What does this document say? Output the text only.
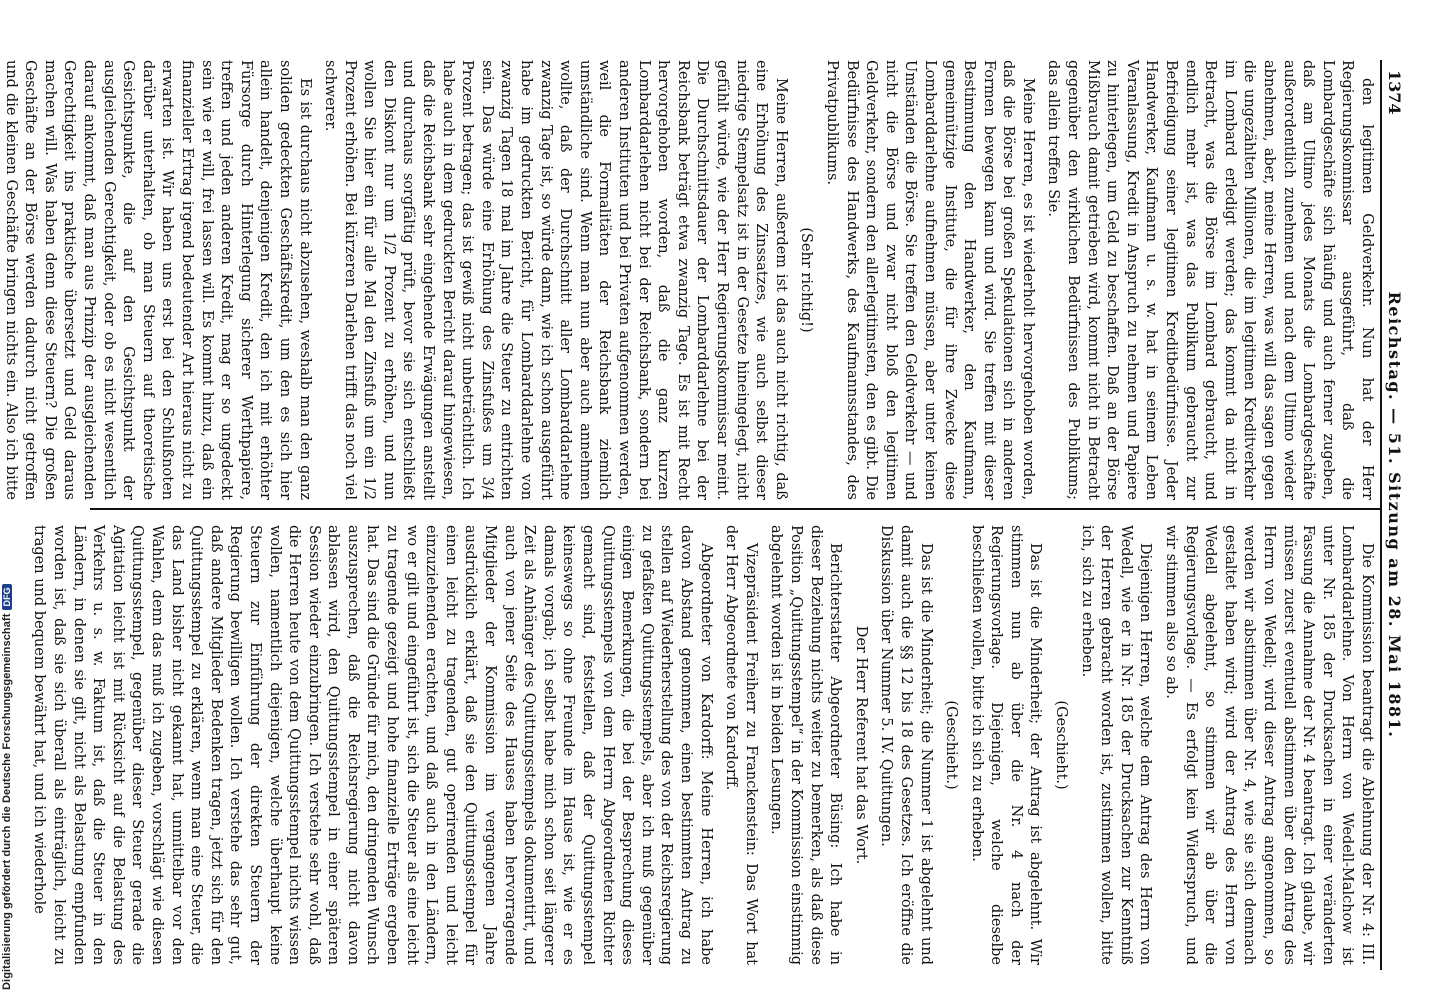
Digitalisierung gefördert durch die Deutsche ForschungsgemeinschaftDFG
1374
Reichstag. — 51. Sitzung am 28. Mai 1881.

den legitimen Geldverkehr. Nun hat der Herr Regierungskommissar ausgeführt, daß die Lombardgeschäfte sich häufig und auch ferner zugeben, daß am Ultimo jedes Monats die Lombardgeschäfte außerordentlich zunehmen und nach dem Ultimo wieder abnehmen, aber, meine Herren, was will das sagen gegen die ungezählten Millionen, die im legitimen Kreditverkehr im Lombard erledigt werden; das kommt da nicht in Betracht, was die Börse im Lombard gebraucht, und endlich mehr ist, was das Publikum gebraucht zur Befriedigung seiner legitimen Kreditbedürfnisse. Jeder Handwerker, Kaufmann u. s. w. hat in seinem Leben Veranlassung, Kredit in Anspruch zu nehmen und Papiere zu hinterlegen, um Geld zu beschaffen. Daß an der Börse Mißbrauch damit getrieben wird, kommt nicht in Betracht gegenüber den wirklichen Bedürfnissen des Publikums; das allein treffen Sie.

Meine Herren, es ist wiederholt hervorgehoben worden, daß die Börse bei großen Spekulationen sich in anderen Formen bewegen kann und wird. Sie treffen mit dieser Bestimmung den Handwerker, den Kaufmann, gemeinnützige Institute, die für ihre Zwecke diese Lombarddarlehne aufnehmen müssen, aber unter keinen Umständen die Börse. Sie treffen den Geldverkehr — und nicht die Börse und zwar nicht bloß den legitimen Geldverkehr, sondern den allerlegitimsten, den es gibt. Die Bedürfnisse des Handwerks, des Kaufmannsstandes, des Privatpublikums.

(Sehr richtig!)

Meine Herren, außerdem ist das auch nicht richtig, daß eine Erhöhung des Zinssatzes, wie auch selbst dieser niedrige Stempelsatz ist in der Gesetze hineingelegt, nicht gefühlt würde, wie der Herr Regierungskommissar meint. Die Durchschnittsdauer der Lombarddarlehne bei der Reichsbank beträgt etwa zwanzig Tage. Es ist mit Recht hervorgehoben worden, daß die ganz kurzen Lombarddarlehen nicht bei der Reichsbank, sondern bei anderen Instituten und bei Privaten aufgenommen werden, weil die Formalitäten der Reichsbank ziemlich umständliche sind. Wenn man nun aber auch annehmen wollte, daß der Durchschnitt aller Lombarddarlehne zwanzig Tage ist, so würde dann, wie ich schon ausgeführt habe im gedruckten Bericht, für Lombarddarlehne von zwanzig Tagen 18 mal im Jahre die Steuer zu entrichten sein. Das würde eine Erhöhung des Zinsfußes um 3/4 Prozent betragen; das ist gewiß nicht unbeträchtlich. Ich habe auch in dem gedruckten Bericht darauf hingewiesen, daß die Reichsbank sehr eingehende Erwägungen anstellt und durchaus sorgfältig prüft, bevor sie sich entschließt den Diskont nur um 1/2 Prozent zu erhöhen, und nun wollen Sie hier ein für alle Mal den Zinsfuß um ein 1/2 Prozent erhöhen. Bei kürzeren Darlehen trifft das noch viel schwerer.

Es ist durchaus nicht abzusehen, weshalb man den ganz soliden gedeckten Geschäftskredit, um den es sich hier allein handelt, denjenigen Kredit, den ich mit erhöhter Fürsorge durch Hinterlegung sicherer Werthpapiere, treffen und jeden anderen Kredit, mag er so ungedeckt sein wie er will, frei lassen will. Es kommt hinzu, daß ein finanzieller Ertrag irgend bedeutender Art hieraus nicht zu erwarten ist. Wir haben uns erst bei den Schlußnoten darüber unterhalten, ob man Steuern auf theoretische Gesichtspunkte, die auf den Gesichtspunkt der ausgleichenden Gerechtigkeit, oder ob es nicht wesentlich darauf ankommt, daß man aus Prinzip der ausgleichenden Gerechtigkeit ins praktische übersetzt und Geld daraus machen will. Was haben denn diese Steuern? Die großen Geschäfte an der Börse werden dadurch nicht getroffen und die kleinen Geschäfte bringen nichts ein. Also ich bitte

Die Kommission beantragt die Ablehnung der Nr. 4: III. Lombarddarlehne. Von Herrn von Wedell-Malchow ist unter Nr. 185 der Drucksachen in einer veränderten Fassung die Annahme der Nr. 4 beantragt. Ich glaube, wir müssen zuerst eventuell abstimmen über den Antrag des Herrn von Wedell; wird dieser Antrag angenommen, so werden wir abstimmen über Nr. 4, wie sie sich demnach gestaltet haben wird; wird der Antrag des Herrn von Wedell abgelehnt, so stimmen wir ab über die Regierungsvorlage. — Es erfolgt kein Widerspruch, und wir stimmen also so ab.

Diejenigen Herren, welche dem Antrag des Herrn von Wedell, wie er in Nr. 185 der Drucksachen zur Kenntniß der Herren gebracht worden ist, zustimmen wollen, bitte ich, sich zu erheben.

(Geschieht.)

Das ist die Minderheit; der Antrag ist abgelehnt. Wir stimmen nun ab über die Nr. 4 nach der Regierungsvorlage. Diejenigen, welche dieselbe beschließen wollen, bitte ich sich zu erheben.

(Geschieht.)

Das ist die Minderheit; die Nummer 1 ist abgelehnt und damit auch die §§ 12 bis 18 des Gesetzes. Ich eröffne die Diskussion über Nummer 5. IV. Quittungen.

Der Herr Referent hat das Wort.

Berichterstatter Abgeordneter Büsing: Ich habe in dieser Beziehung nichts weiter zu bemerken, als daß diese Position „Quittungsstempel“ in der Kommission einstimmig abgelehnt worden ist in beiden Lesungen.

Vizepräsident Freiherr zu Franckenstein: Das Wort hat der Herr Abgeordnete von Kardorff.

Abgeordneter von Kardorff: Meine Herren, ich habe davon Abstand genommen, einen bestimmten Antrag zu stellen auf Wiederherstellung des von der Reichsregierung zu gefaßten Quittungsstempels, aber ich muß gegenüber einigen Bemerkungen, die bei der Besprechung dieses Quittungsstempels von dem Herrn Abgeordneten Richter gemacht sind, feststellen, daß der Quittungsstempel keineswegs so ohne Freunde im Hause ist, wie er es damals vorgab; ich selbst habe mich schon seit längerer Zeit als Anhänger des Quittungsstempels dokumentirt, und auch von jener Seite des Hauses haben hervorragende Mitglieder der Kommission im vergangenen Jahre ausdrücklich erklärt, daß sie den Quittungsstempel für einen leicht zu tragenden, gut operirenden und leicht einzuziehenden erachten, und daß auch in den Ländern, wo er gilt und eingeführt ist, sich die Steuer als eine leicht zu tragende gezeigt und hohe finanzielle Erträge ergeben hat. Das sind die Gründe für mich, den dringenden Wunsch auszusprechen, daß die Reichsregierung nicht davon ablassen wird, den Quittungsstempel in einer späteren Session wieder einzubringen. Ich verstehe sehr wohl, daß die Herren heute von dem Quittungsstempel nichts wissen wollen, namentlich diejenigen, welche überhaupt keine Steuern zur Einführung der direkten Steuern der Regierung bewilligen wollen. Ich verstehe das sehr gut, daß andere Mitglieder Bedenken tragen, jetzt sich für den Quittungsstempel zu erklären, wenn man eine Steuer, die das Land bisher nicht gekannt hat, unmittelbar vor den Wahlen, denn das muß ich zugeben, vorschlägt wie diesen Quittungsstempel, gegenüber dieser Steuer gerade die Agitation leicht ist mit Rücksicht auf die Belastung des Verkehrs u. s. w. Faktum ist, daß die Steuer in den Ländern, in denen sie gilt, nicht als Belastung empfunden worden ist, daß sie sich überall als einträglich, leicht zu tragen und bequem bewährt hat, und ich wiederhole
